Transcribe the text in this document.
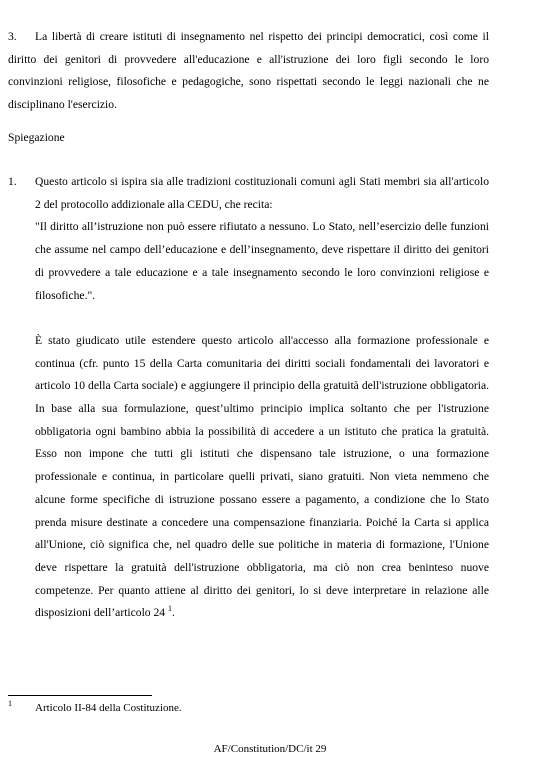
3. La libertà di creare istituti di insegnamento nel rispetto dei principi democratici, così come il
diritto dei genitori di provvedere all'educazione e all'istruzione dei loro figli secondo le loro convinzioni religiose, filosofiche e pedagogiche, sono rispettati secondo le leggi nazionali che ne disciplinano l'esercizio.
Spiegazione
1. Questo articolo si ispira sia alle tradizioni costituzionali comuni agli Stati membri sia all'articolo 2 del protocollo addizionale alla CEDU, che recita:
"Il diritto all’istruzione non può essere rifiutato a nessuno. Lo Stato, nell’esercizio delle funzioni che assume nel campo dell’educazione e dell’insegnamento, deve rispettare il diritto dei genitori di provvedere a tale educazione e a tale insegnamento secondo le loro convinzioni religiose e filosofiche.".
È stato giudicato utile estendere questo articolo all'accesso alla formazione professionale e continua (cfr. punto 15 della Carta comunitaria dei diritti sociali fondamentali dei lavoratori e articolo 10 della Carta sociale) e aggiungere il principio della gratuità dell'istruzione obbligatoria. In base alla sua formulazione, quest’ultimo principio implica soltanto che per l'istruzione obbligatoria ogni bambino abbia la possibilità di accedere a un istituto che pratica la gratuità. Esso non impone che tutti gli istituti che dispensano tale istruzione, o una formazione professionale e continua, in particolare quelli privati, siano gratuiti. Non vieta nemmeno che alcune forme specifiche di istruzione possano essere a pagamento, a condizione che lo Stato prenda misure destinate a concedere una compensazione finanziaria. Poiché la Carta si applica all'Unione, ciò significa che, nel quadro delle sue politiche in materia di formazione, l'Unione deve rispettare la gratuità dell'istruzione obbligatoria, ma ciò non crea beninteso nuove competenze. Per quanto attiene al diritto dei genitori, lo si deve interpretare in relazione alle disposizioni dell’articolo 24 $^1$.
1 Articolo II-84 della Costituzione.
AF/Constitution/DC/it 29
